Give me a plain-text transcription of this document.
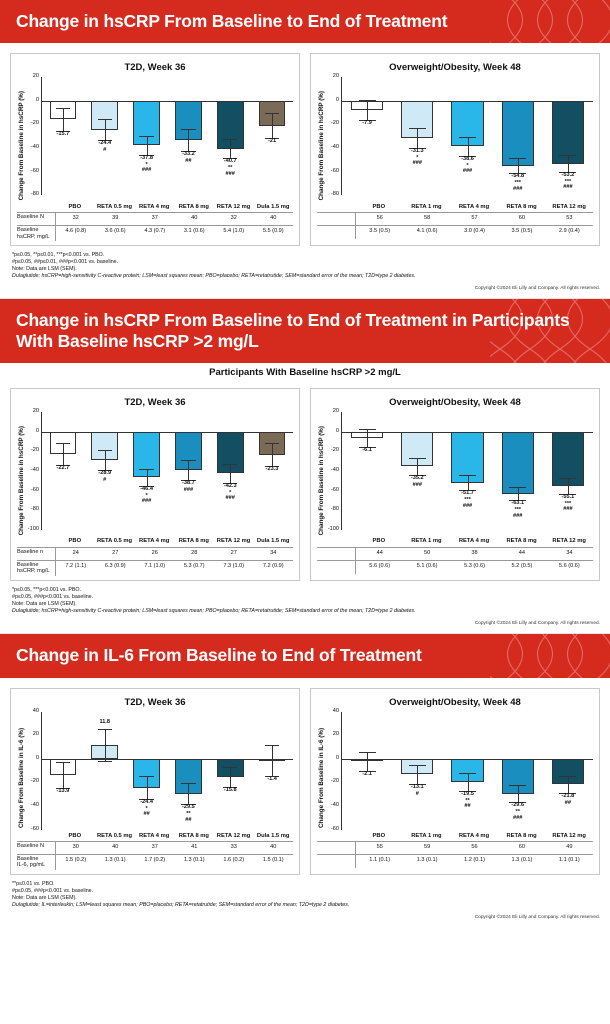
Change in hsCRP From Baseline to End of Treatment
T2D, Week 36
Change From Baseline in hsCRP (%)
20
0
-20
-40
-60
-80
-15.7
-24.4
#
-37.8
*
###
-33.2
##	-40.7
**
###
-21
PBO	RETA 0.5 mg	RETA 4 mg	RETA 8 mg	RETA 12 mg	Dula 1.5 mg
Baseline N	32	39	37	40	32	40
Baseline
hsCRP, mg/L
4.6 (0.8)	3.6 (0.6)	4.3 (0.7)	3.1 (0.6)	5.4 (1.0)	5.5 (0.9)
Overweight/Obesity, Week 48
Change From Baseline in hsCRP (%)
20
0
-20
-40
-60
-80
-7.9
-31.3
*
###
-38.6
*
###
-54.8
***
###
-53.2
***
###
PBO	RETA 1 mg	RETA 4 mg	RETA 8 mg	RETA 12 mg
56	58	57	60	53
3.5 (0.5)	4.1 (0.6)	3.0 (0.4)	3.5 (0.5)	2.9 (0.4)
*p≤0.05, **p≤0.01, ***p<0.001 vs. PBO.
#p≤0.05, ##p≤0.01, ###p<0.001 vs. baseline.
Note: Data are LSM (SEM).
Dulaglutide; hsCRP=high-sensitivity C-reactive protein; LSM=least squares mean; PBO=placebo; RETA=retatrutide; SEM=standard error of the mean; T2D=type 2 diabetes.
Copyright ©2024 Eli Lilly and Company. All rights reserved.
Change in hsCRP From Baseline to End of Treatment in Participants With Baseline hsCRP >2 mg/L
Participants With Baseline hsCRP >2 mg/L
T2D, Week 36
Change From Baseline in hsCRP (%)
20
0
-20
-40
-60
-80
-100
-22.7
-28.9
#
-46.4
*
###
-38.7
###
-42.3
*
###
-23.3
PBO	RETA 0.5 mg	RETA 4 mg	RETA 8 mg	RETA 12 mg	Dula 1.5 mg
Baseline n	24	27	26	28	27	34
Baseline
hsCRP, mg/L
7.2 (1.1)	6.3 (0.9)	7.1 (1.0)	5.3 (0.7)	7.3 (1.0)	7.2 (0.9)
Overweight/Obesity, Week 48
Change From Baseline in hsCRP (%)
20
0
-20
-40
-60
-80
-100
-6.1
-35.2
###
-51.7
***
###	-63.1
***
###
-55.1
***
###
PBO	RETA 1 mg	RETA 4 mg	RETA 8 mg	RETA 12 mg
44	50	38	44	34
5.6 (0.6)	5.1 (0.6)	5.3 (0.6)	5.2 (0.5)	5.6 (0.6)
*p≤0.05, ***p<0.001 vs. PBO.
#p≤0.05, ###p<0.001 vs. baseline.
Note: Data are LSM (SEM).
Dulaglutide; hsCRP=high-sensitivity C-reactive protein; LSM=least squares mean; PBO=placebo; RETA=retatrutide; SEM=standard error of the mean; T2D=type 2 diabetes.
Copyright ©2024 Eli Lilly and Company. All rights reserved.
Change in IL-6 From Baseline to End of Treatment
T2D, Week 36
Change From Baseline in IL-6 (%)
40
20
0
-20
-40
-60
-13.9
11.8
-24.4
*
##
-29.5
**
##
-15.8
-1.4
PBO	RETA 0.5 mg	RETA 4 mg	RETA 8 mg	RETA 12 mg	Dula 1.5 mg
Baseline N	30	40	37	41	33	40
Baseline
IL-6, pg/mL
1.5 (0.2)	1.3 (0.1)	1.7 (0.2)	1.3 (0.1)	1.6 (0.2)	1.5 (0.1)
Overweight/Obesity, Week 48
Change From Baseline in IL-6 (%)
40
20
0
-20
-40
-60
-2.1
-13.1
#	-19.5
**
##	-29.6
**
###
-21.8
##
PBO	RETA 1 mg	RETA 4 mg	RETA 8 mg	RETA 12 mg
55	59	56	60	49
1.1 (0.1)	1.3 (0.1)	1.2 (0.1)	1.3 (0.1)	1.1 (0.1)
**p≤0.01 vs. PBO.
#p≤0.05, ###p<0.001 vs. baseline.
Note: Data are LSM (SEM).
Dulaglutide; IL=interleukin; LSM=least squares mean; PBO=placebo; RETA=retatrutide; SEM=standard error of the mean; T2D=type 2 diabetes.
Copyright ©2024 Eli Lilly and Company. All rights reserved.
